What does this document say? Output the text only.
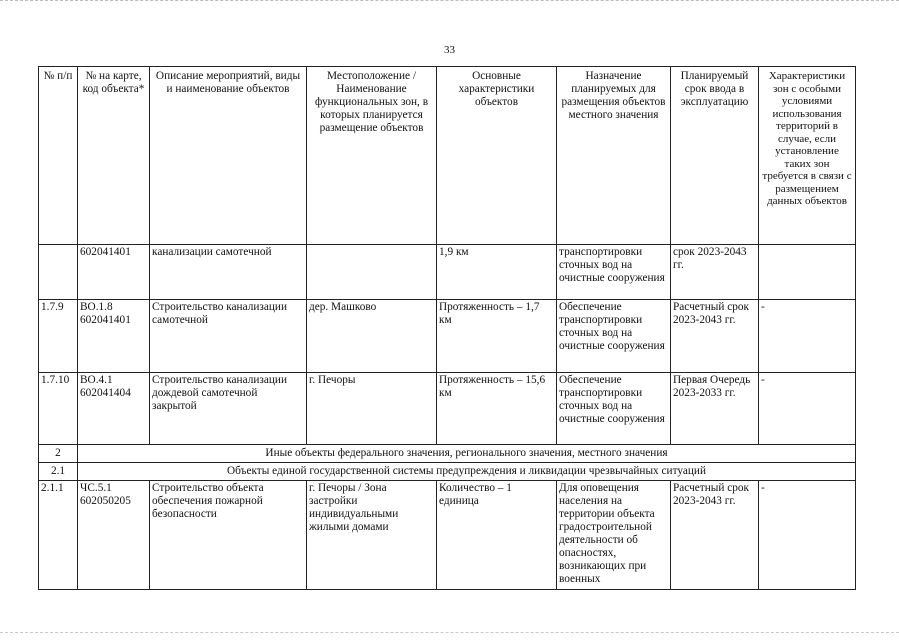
33
№ п/п	№ на карте, код объекта*	Описание мероприятий, виды и наименование объектов	Местоположение / Наименование функциональных зон, в которых планируется размещение объектов	Основные характеристики объектов	Назначение планируемых для размещения объектов местного значения	Планируемый срок ввода в эксплуатацию	Характеристики зон с особыми условиями использования территорий в случае, если установление таких зон требуется в связи с размещением данных объектов
	602041401	канализации самотечной		1,9 км	транспортировки сточных вод на очистные сооружения	срок 2023-2043 гг.	
1.7.9	ВО.1.8 602041401	Строительство канализации самотечной	дер. Машково	Протяженность – 1,7 км	Обеспечение транспортировки сточных вод на очистные сооружения	Расчетный срок 2023-2043 гг.	-
1.7.10	ВО.4.1 602041404	Строительство канализации дождевой самотечной закрытой	г. Печоры	Протяженность – 15,6 км	Обеспечение транспортировки сточных вод на очистные сооружения	Первая Очередь 2023-2033 гг.	-
2	Иные объекты федерального значения, регионального значения, местного значения						
2.1	Объекты единой государственной системы предупреждения и ликвидации чрезвычайных ситуаций						
2.1.1	ЧС.5.1 602050205	Строительство объекта обеспечения пожарной безопасности	г. Печоры / Зона застройки индивидуальными жилыми домами	Количество – 1 единица	Для оповещения населения на территории объекта градостроительной деятельности об опасностях, возникающих при военных	Расчетный срок 2023-2043 гг.	-
